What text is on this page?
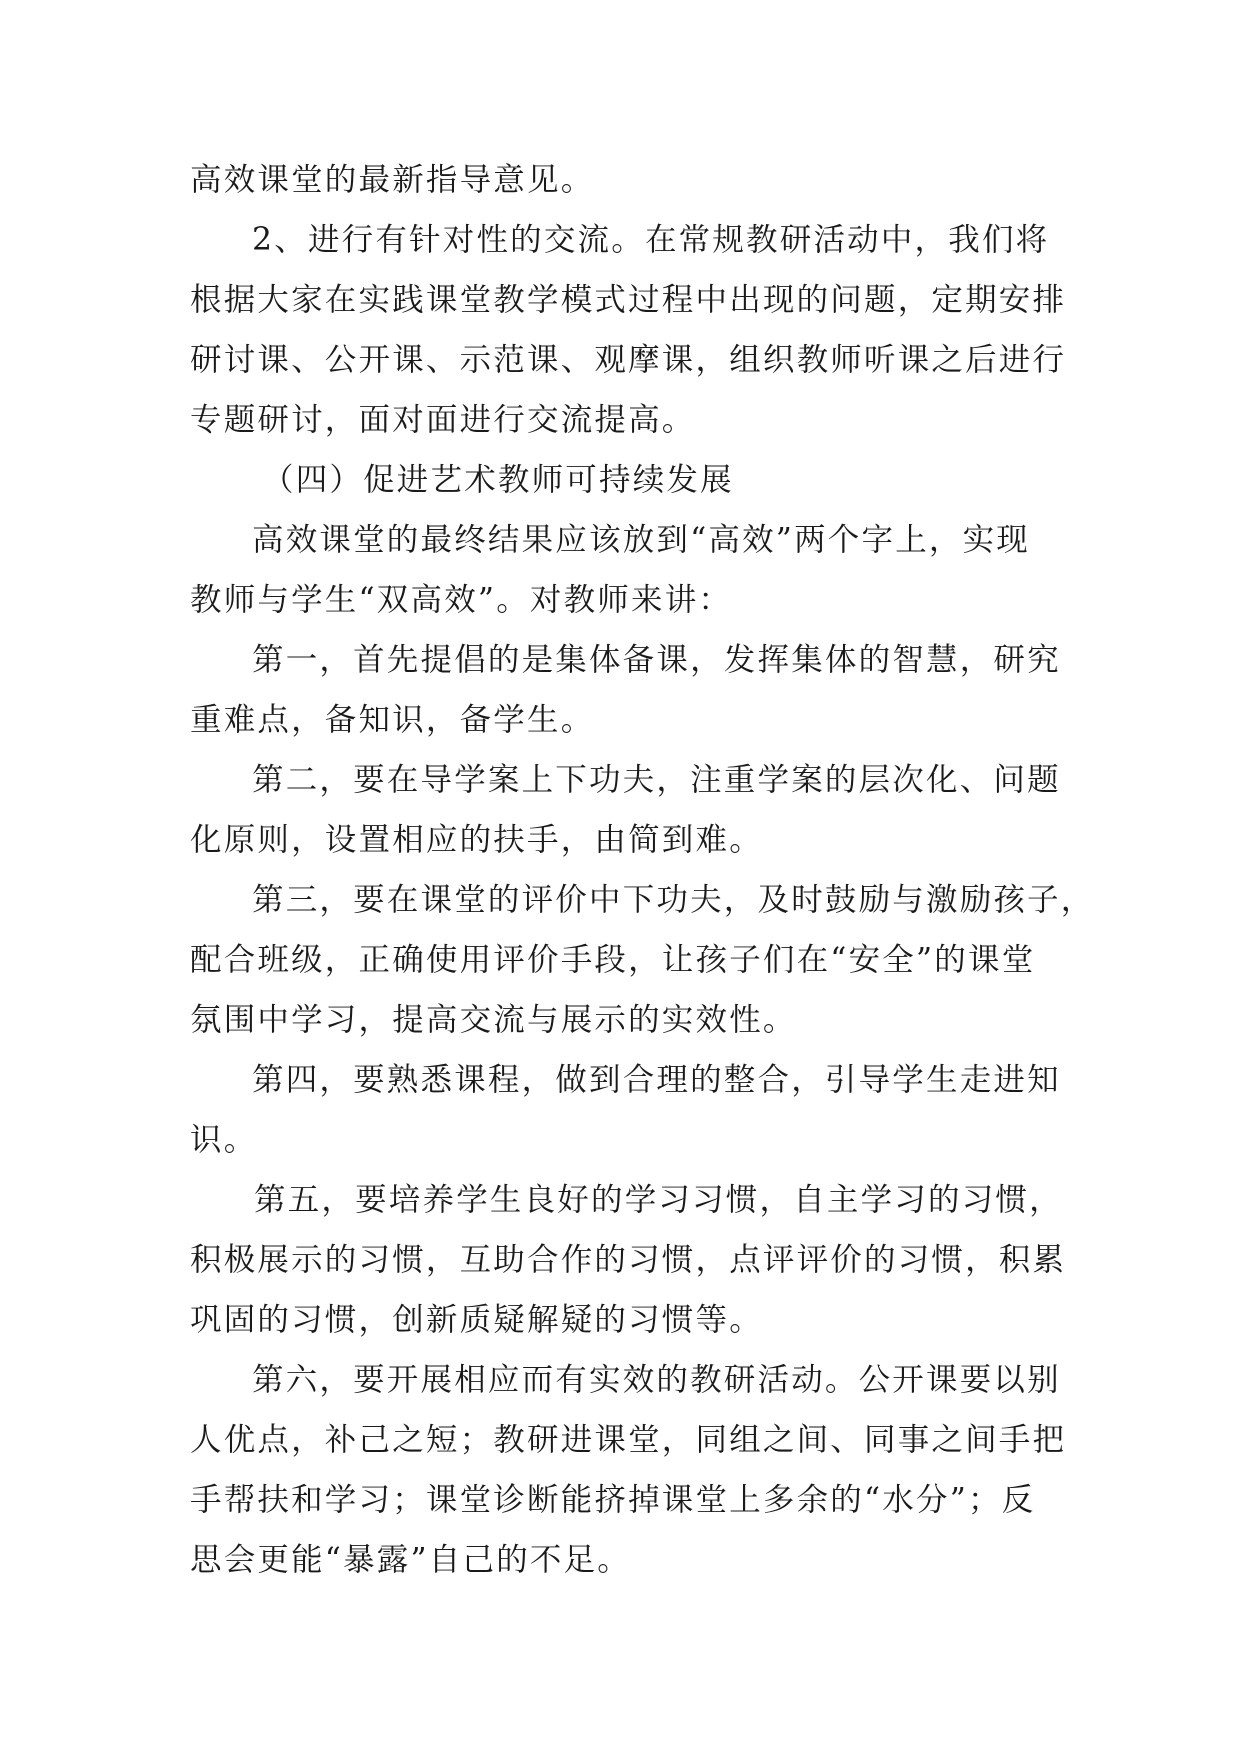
高效课堂的最新指导意见。
2、进行有针对性的交流。在常规教研活动中，我们将
根据大家在实践课堂教学模式过程中出现的问题，定期安排
研讨课、公开课、示范课、观摩课，组织教师听课之后进行
专题研讨，面对面进行交流提高。
（四）促进艺术教师可持续发展
高效课堂的最终结果应该放到“高效”两个字上，实现
教师与学生“双高效”。对教师来讲：
第一，首先提倡的是集体备课，发挥集体的智慧，研究
重难点，备知识，备学生。
第二，要在导学案上下功夫，注重学案的层次化、问题
化原则，设置相应的扶手，由简到难。
第三，要在课堂的评价中下功夫，及时鼓励与激励孩子，
配合班级，正确使用评价手段，让孩子们在“安全”的课堂
氛围中学习，提高交流与展示的实效性。
第四，要熟悉课程，做到合理的整合，引导学生走进知
识。
第五，要培养学生良好的学习习惯，自主学习的习惯，
积极展示的习惯，互助合作的习惯，点评评价的习惯，积累
巩固的习惯，创新质疑解疑的习惯等。
第六，要开展相应而有实效的教研活动。公开课要以别
人优点，补己之短；教研进课堂，同组之间、同事之间手把
手帮扶和学习；课堂诊断能挤掉课堂上多余的“水分”；反
思会更能“暴露”自己的不足。
